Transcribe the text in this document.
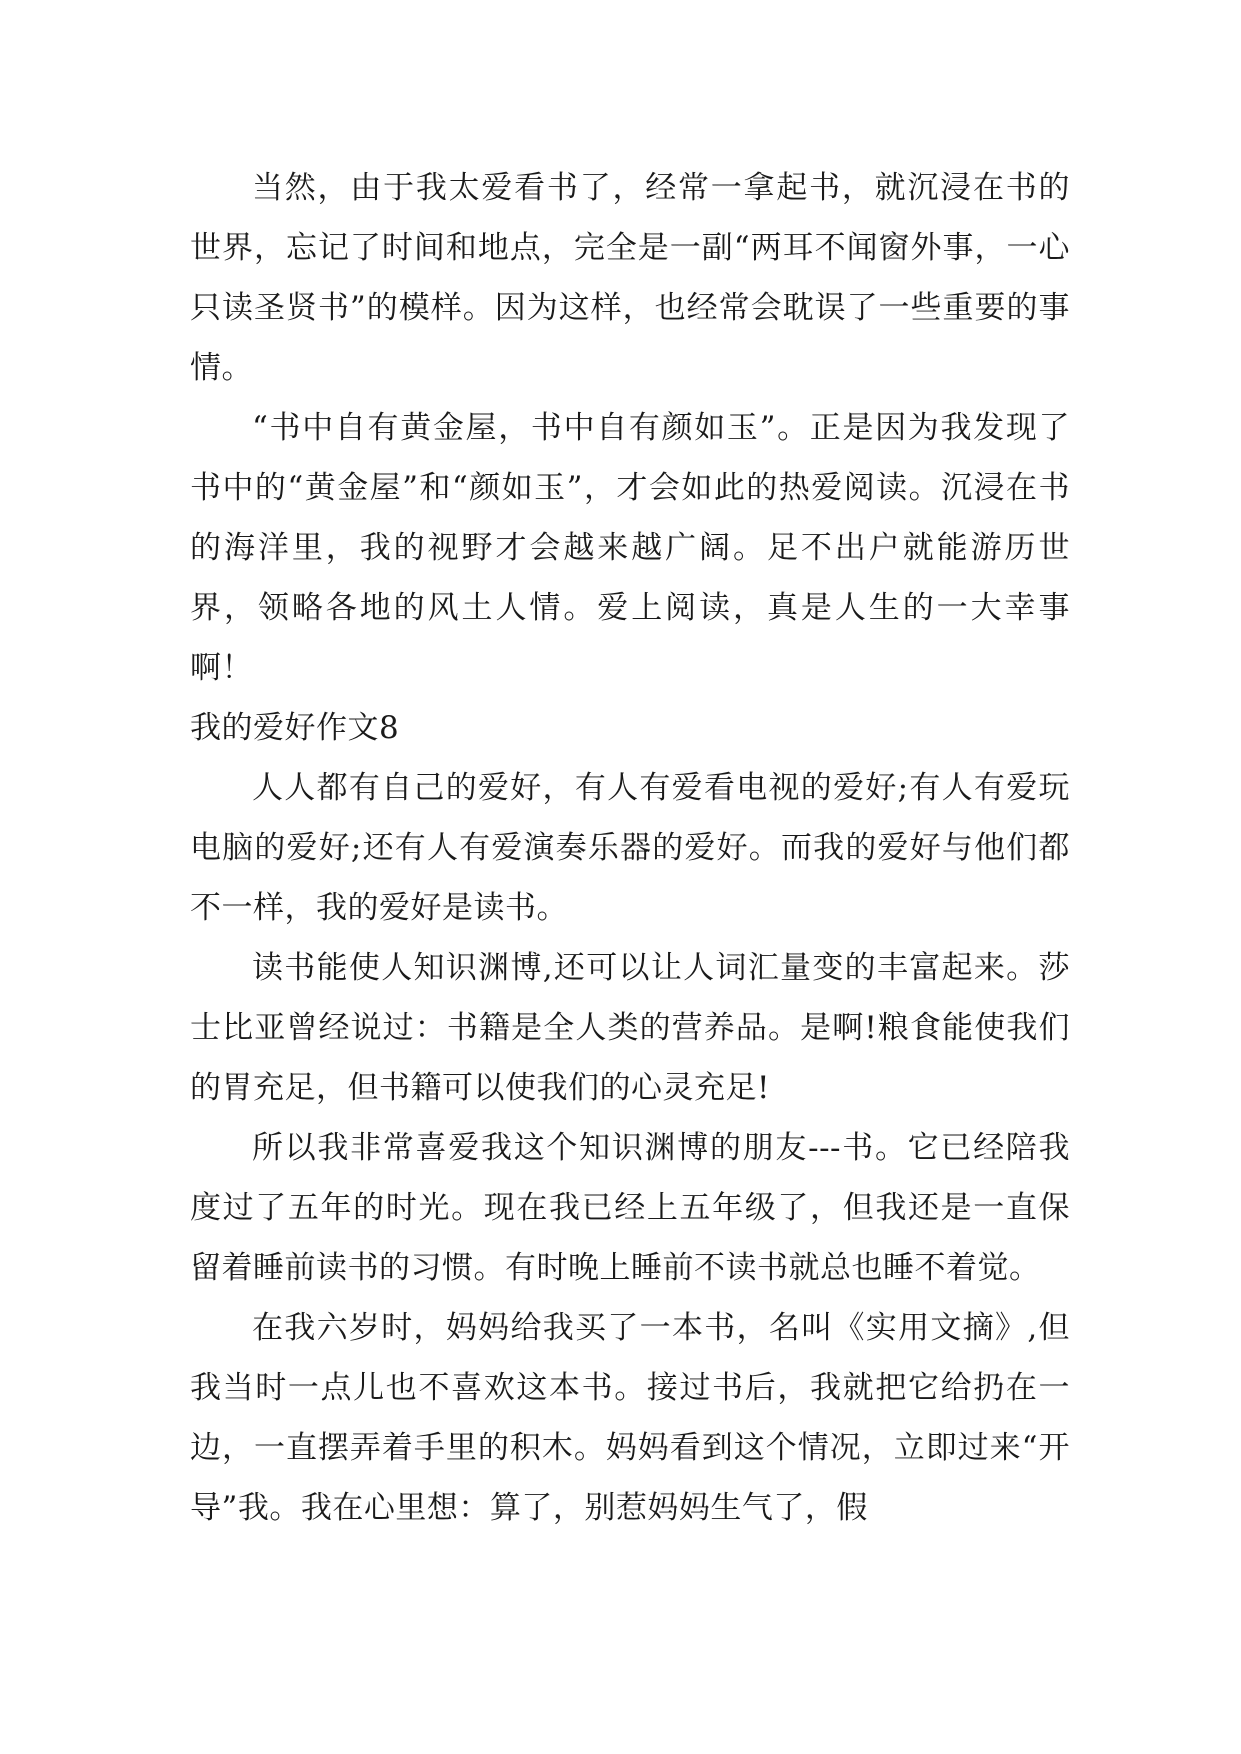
当然，由于我太爱看书了，经常一拿起书，就沉浸在书的世界，忘记了时间和地点，完全是一副“两耳不闻窗外事，一心只读圣贤书”的模样。因为这样，也经常会耽误了一些重要的事情。

“书中自有黄金屋，书中自有颜如玉”。正是因为我发现了书中的“黄金屋”和“颜如玉”，才会如此的热爱阅读。沉浸在书的海洋里，我的视野才会越来越广阔。足不出户就能游历世界，领略各地的风土人情。爱上阅读，真是人生的一大幸事啊！

我的爱好作文8

人人都有自己的爱好，有人有爱看电视的爱好;有人有爱玩电脑的爱好;还有人有爱演奏乐器的爱好。而我的爱好与他们都不一样，我的爱好是读书。

读书能使人知识渊博,还可以让人词汇量变的丰富起来。莎士比亚曾经说过：书籍是全人类的营养品。是啊!粮食能使我们的胃充足，但书籍可以使我们的心灵充足!

所以我非常喜爱我这个知识渊博的朋友---书。它已经陪我度过了五年的时光。现在我已经上五年级了，但我还是一直保留着睡前读书的习惯。有时晚上睡前不读书就总也睡不着觉。

在我六岁时，妈妈给我买了一本书，名叫《实用文摘》,但我当时一点儿也不喜欢这本书。接过书后，我就把它给扔在一边，一直摆弄着手里的积木。妈妈看到这个情况，立即过来“开导”我。我在心里想：算了，别惹妈妈生气了，假
